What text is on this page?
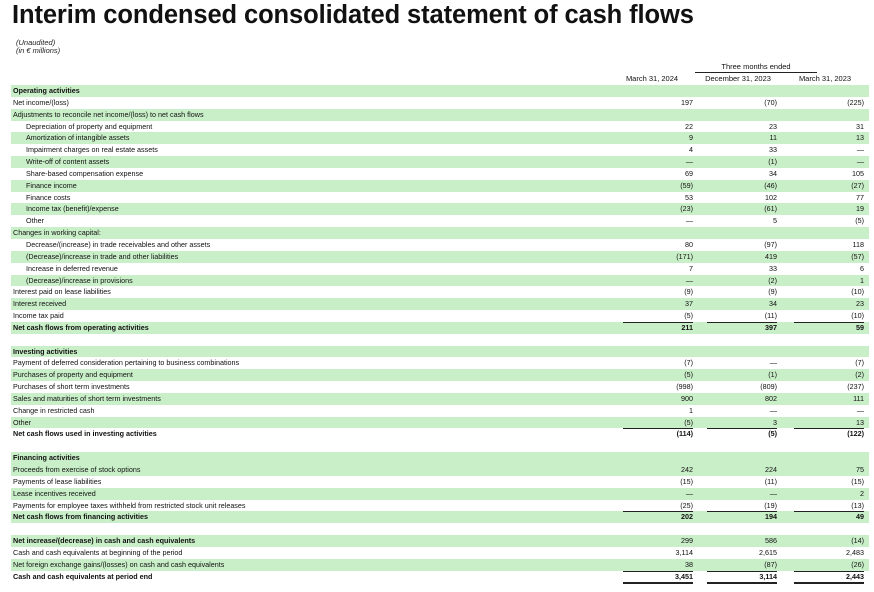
Interim condensed consolidated statement of cash flows
(Unaudited)
(in € millions)
Three months ended
March 31, 2024	December 31, 2023	March 31, 2023
Operating activities
Net income/(loss)	197	(70)	(225)
Adjustments to reconcile net income/(loss) to net cash flows
Depreciation of property and equipment	22	23	31
Amortization of intangible assets	9	11	13
Impairment charges on real estate assets	4	33	—
Write-off of content assets	—	(1)	—
Share-based compensation expense	69	34	105
Finance income	(59)	(46)	(27)
Finance costs	53	102	77
Income tax (benefit)/expense	(23)	(61)	19
Other	—	5	(5)
Changes in working capital:
Decrease/(increase) in trade receivables and other assets	80	(97)	118
(Decrease)/increase in trade and other liabilities	(171)	419	(57)
Increase in deferred revenue	7	33	6
(Decrease)/increase in provisions	—	(2)	1
Interest paid on lease liabilities	(9)	(9)	(10)
Interest received	37	34	23
Income tax paid	(5)	(11)	(10)
Net cash flows from operating activities	211	397	59
Investing activities
Payment of deferred consideration pertaining to business combinations	(7)	—	(7)
Purchases of property and equipment	(5)	(1)	(2)
Purchases of short term investments	(998)	(809)	(237)
Sales and maturities of short term investments	900	802	111
Change in restricted cash	1	—	—
Other	(5)	3	13
Net cash flows used in investing activities	(114)	(5)	(122)
Financing activities
Proceeds from exercise of stock options	242	224	75
Payments of lease liabilities	(15)	(11)	(15)
Lease incentives received	—	—	2
Payments for employee taxes withheld from restricted stock unit releases	(25)	(19)	(13)
Net cash flows from financing activities	202	194	49
Net increase/(decrease) in cash and cash equivalents	299	586	(14)
Cash and cash equivalents at beginning of the period	3,114	2,615	2,483
Net foreign exchange gains/(losses) on cash and cash equivalents	38	(87)	(26)
Cash and cash equivalents at period end	3,451	3,114	2,443
